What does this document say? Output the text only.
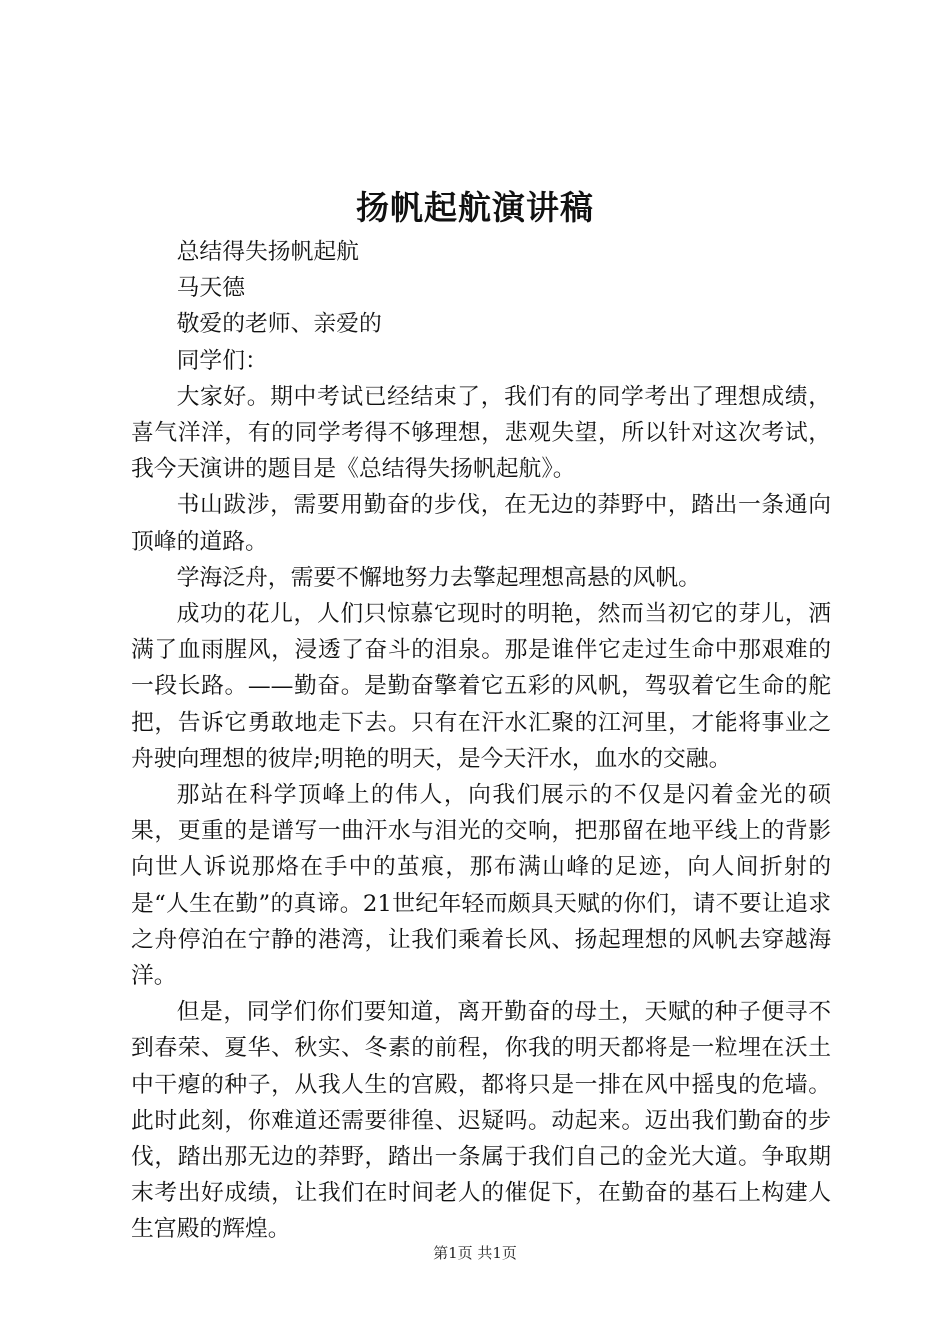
扬帆起航演讲稿

总结得失扬帆起航

马天德

敬爱的老师、亲爱的

同学们：

大家好。期中考试已经结束了，我们有的同学考出了理想成绩，喜气洋洋，有的同学考得不够理想，悲观失望，所以针对这次考试，我今天演讲的题目是《总结得失扬帆起航》。

书山跋涉，需要用勤奋的步伐，在无边的莽野中，踏出一条通向顶峰的道路。

学海泛舟，需要不懈地努力去擎起理想高悬的风帆。

成功的花儿，人们只惊慕它现时的明艳，然而当初它的芽儿，洒满了血雨腥风，浸透了奋斗的泪泉。那是谁伴它走过生命中那艰难的一段长路。——勤奋。是勤奋擎着它五彩的风帆，驾驭着它生命的舵把，告诉它勇敢地走下去。只有在汗水汇聚的江河里，才能将事业之舟驶向理想的彼岸;明艳的明天，是今天汗水，血水的交融。

那站在科学顶峰上的伟人，向我们展示的不仅是闪着金光的硕果，更重的是谱写一曲汗水与泪光的交响，把那留在地平线上的背影向世人诉说那烙在手中的茧痕，那布满山峰的足迹，向人间折射的是“人生在勤”的真谛。21世纪年轻而颇具天赋的你们，请不要让追求之舟停泊在宁静的港湾，让我们乘着长风、扬起理想的风帆去穿越海洋。

但是，同学们你们要知道，离开勤奋的母土，天赋的种子便寻不到春荣、夏华、秋实、冬素的前程，你我的明天都将是一粒埋在沃土中干瘪的种子，从我人生的宫殿，都将只是一排在风中摇曳的危墙。此时此刻，你难道还需要徘徨、迟疑吗。动起来。迈出我们勤奋的步伐，踏出那无边的莽野，踏出一条属于我们自己的金光大道。争取期末考出好成绩，让我们在时间老人的催促下，在勤奋的基石上构建人生宫殿的辉煌。

第1页 共1页
